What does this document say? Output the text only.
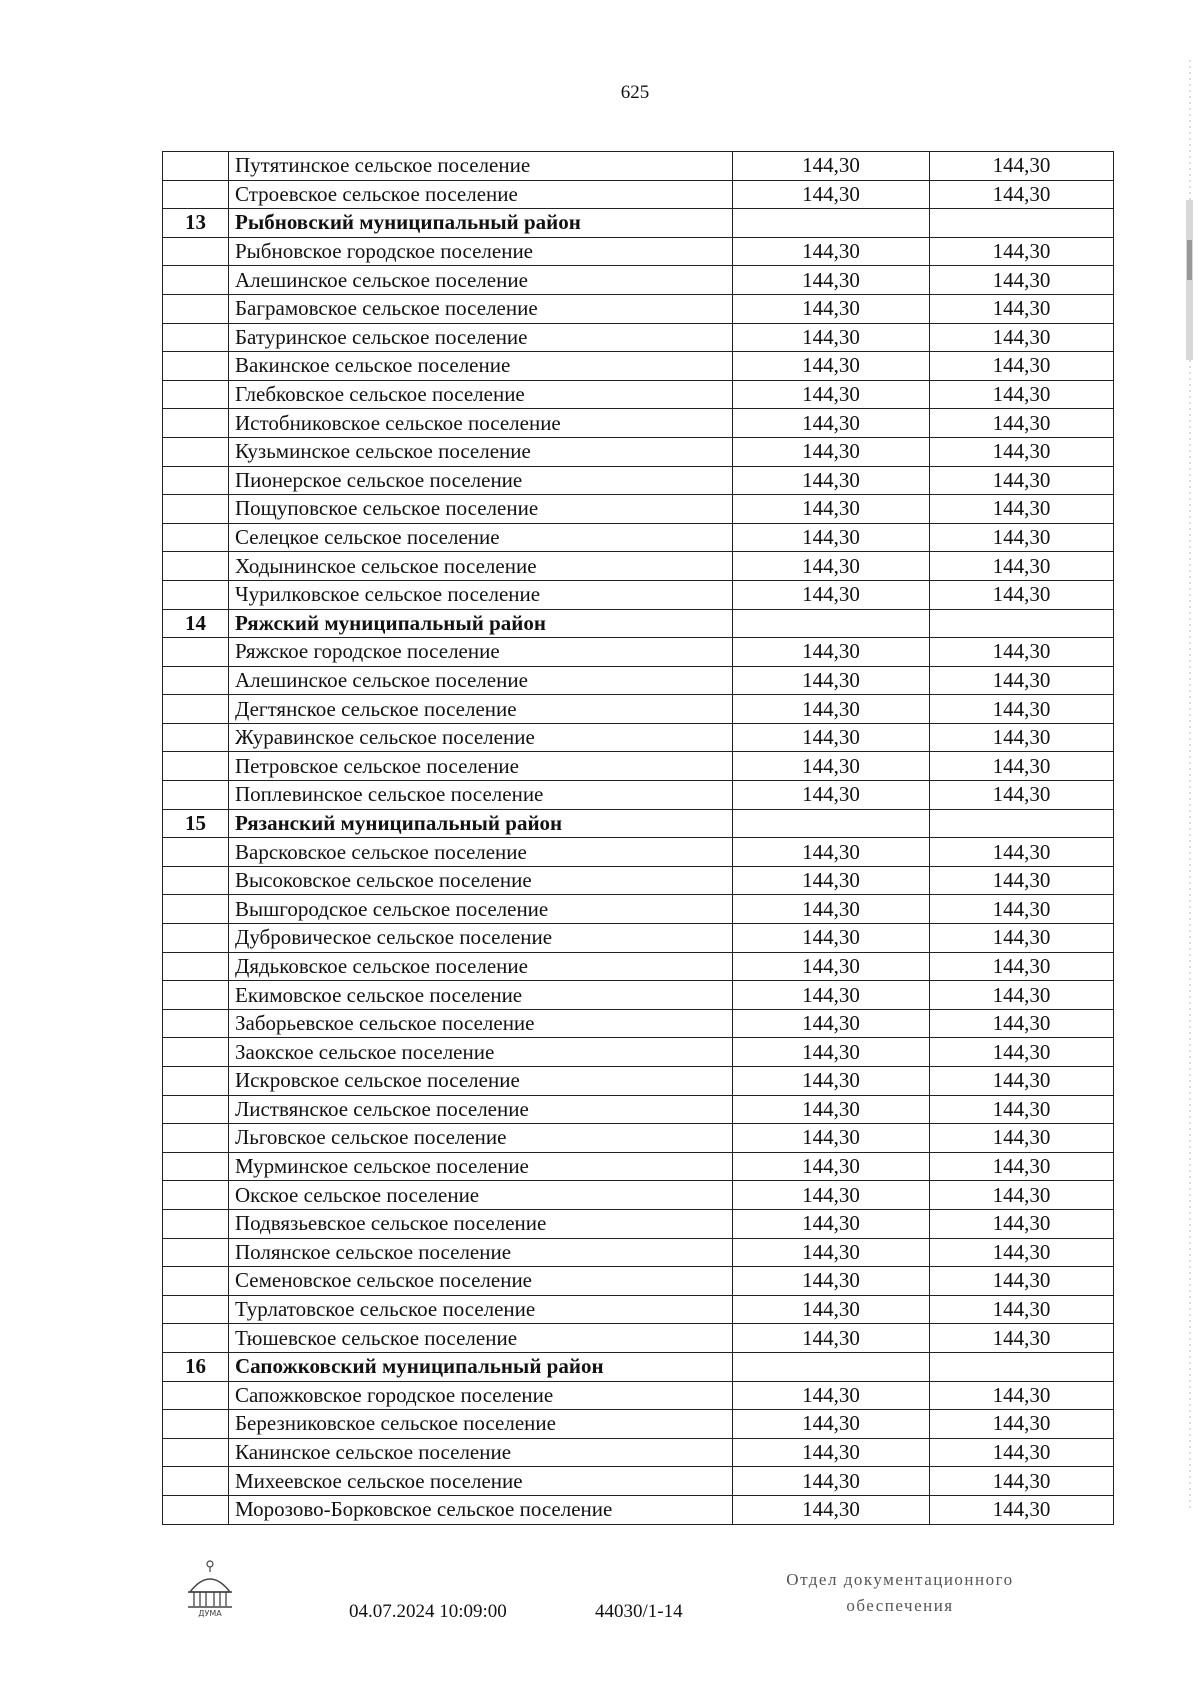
625
	Путятинское сельское поселение	144,30	144,30
	Строевское сельское поселение	144,30	144,30
13	Рыбновский муниципальный район		
	Рыбновское городское поселение	144,30	144,30
	Алешинское сельское поселение	144,30	144,30
	Баграмовское сельское поселение	144,30	144,30
	Батуринское сельское поселение	144,30	144,30
	Вакинское сельское поселение	144,30	144,30
	Глебковское сельское поселение	144,30	144,30
	Истобниковское сельское поселение	144,30	144,30
	Кузьминское сельское поселение	144,30	144,30
	Пионерское сельское поселение	144,30	144,30
	Пощуповское сельское поселение	144,30	144,30
	Селецкое сельское поселение	144,30	144,30
	Ходынинское сельское поселение	144,30	144,30
	Чурилковское сельское поселение	144,30	144,30
14	Ряжский муниципальный район		
	Ряжское городское поселение	144,30	144,30
	Алешинское сельское поселение	144,30	144,30
	Дегтянское сельское поселение	144,30	144,30
	Журавинское сельское поселение	144,30	144,30
	Петровское сельское поселение	144,30	144,30
	Поплевинское сельское поселение	144,30	144,30
15	Рязанский муниципальный район		
	Варсковское сельское поселение	144,30	144,30
	Высоковское сельское поселение	144,30	144,30
	Вышгородское сельское поселение	144,30	144,30
	Дубровическое сельское поселение	144,30	144,30
	Дядьковское сельское поселение	144,30	144,30
	Екимовское сельское поселение	144,30	144,30
	Заборьевское сельское поселение	144,30	144,30
	Заокское сельское поселение	144,30	144,30
	Искровское сельское поселение	144,30	144,30
	Листвянское сельское поселение	144,30	144,30
	Льговское сельское поселение	144,30	144,30
	Мурминское сельское поселение	144,30	144,30
	Окское сельское поселение	144,30	144,30
	Подвязьевское сельское поселение	144,30	144,30
	Полянское сельское поселение	144,30	144,30
	Семеновское сельское поселение	144,30	144,30
	Турлатовское сельское поселение	144,30	144,30
	Тюшевское сельское поселение	144,30	144,30
16	Сапожковский муниципальный район		
	Сапожковское городское поселение	144,30	144,30
	Березниковское сельское поселение	144,30	144,30
	Канинское сельское поселение	144,30	144,30
	Михеевское сельское поселение	144,30	144,30
	Морозово-Борковское сельское поселение	144,30	144,30
ДУМА	04.07.2024 10:09:00	44030/1-14
Отдел документационного
обеспечения
